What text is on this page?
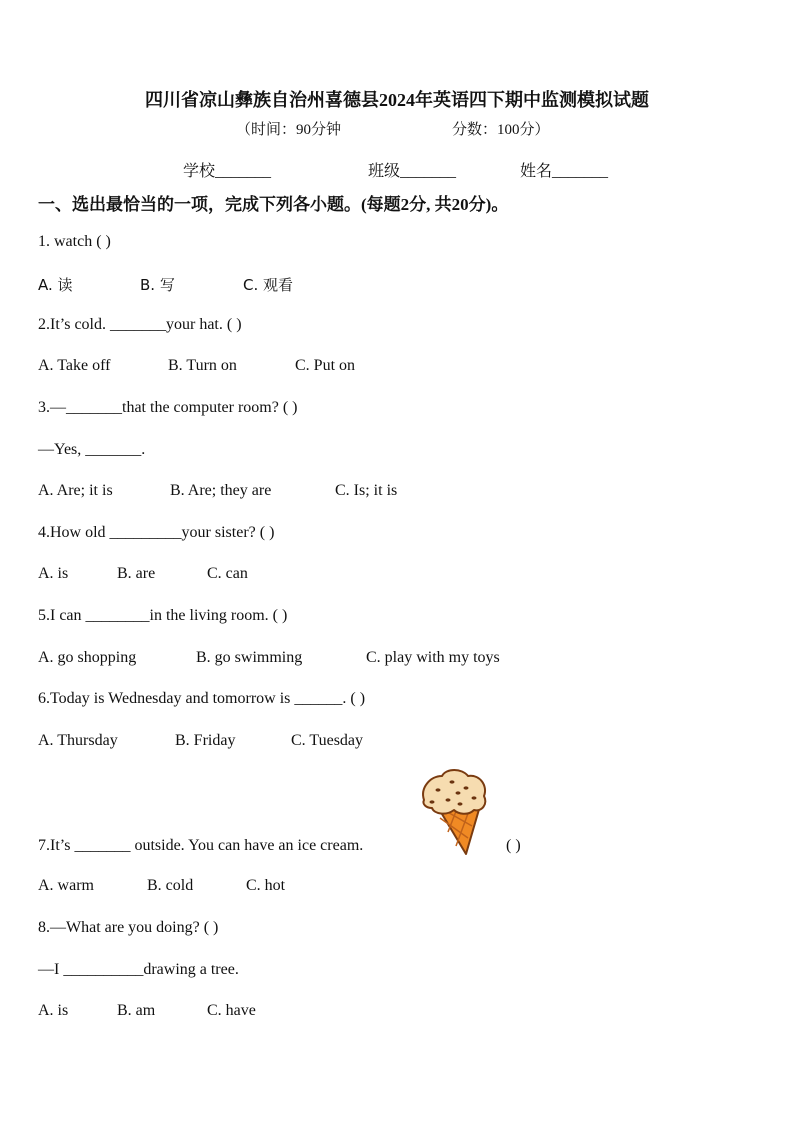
四川省凉山彝族自治州喜德县2024年英语四下期中监测模拟试题
（时间：90分钟	分数：100分）
学校_______	班级_______	姓名_______
一、选出最恰当的一项，完成下列各小题。(每题2分, 共20分)。
1. watch ( )
A. 读	B. 写	C. 观看
2.It’s cold. _______your hat. ( )
A. Take off	B. Turn on	C. Put on
3.—_______that the computer room? ( )
—Yes, _______.
A. Are; it is	B. Are; they are	C. Is; it is
4.How old _________your sister? ( )
A. is	B. are	C. can
5.I can ________in the living room. ( )
A. go shopping	B. go swimming	C. play with my toys
6.Today is Wednesday and tomorrow is ______. ( )
A. Thursday	B. Friday	C. Tuesday
7.It’s _______ outside. You can have an ice cream.	( )
A. warm	B. cold	C. hot
8.—What are you doing? ( )
—I __________drawing a tree.
A. is	B. am	C. have
